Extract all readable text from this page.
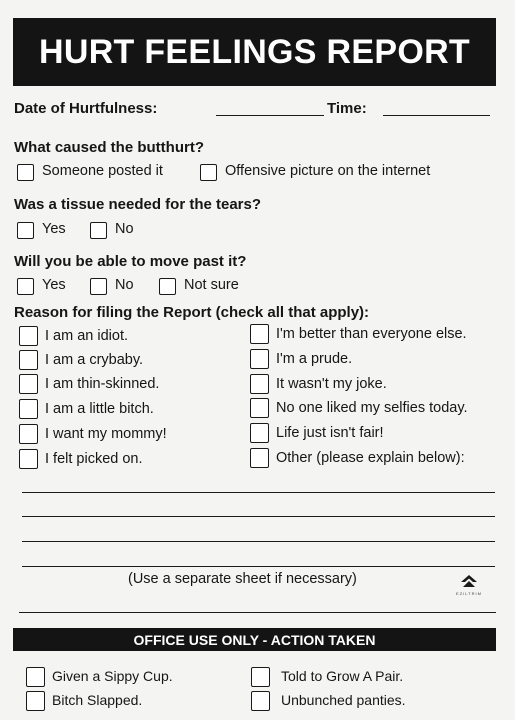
HURT FEELINGS REPORT
Date of Hurtfulness:	Time:
What caused the butthurt?
Someone posted it	Offensive picture on the internet
Was a tissue needed for the tears?
Yes	No
Will you be able to move past it?
Yes	No	Not sure
Reason for filing the Report (check all that apply):
I am an idiot.
I am a crybaby.
I am thin-skinned.
I am a little bitch.
I want my mommy!
I felt picked on.
I'm better than everyone else.
I'm a prude.
It wasn't my joke.
No one liked my selfies today.
Life just isn't fair!
Other (please explain below):
(Use a separate sheet if necessary)
EZILTRIM
OFFICE USE ONLY - ACTION TAKEN
Given a Sippy Cup.	Told to Grow A Pair.
Bitch Slapped.	Unbunched panties.
